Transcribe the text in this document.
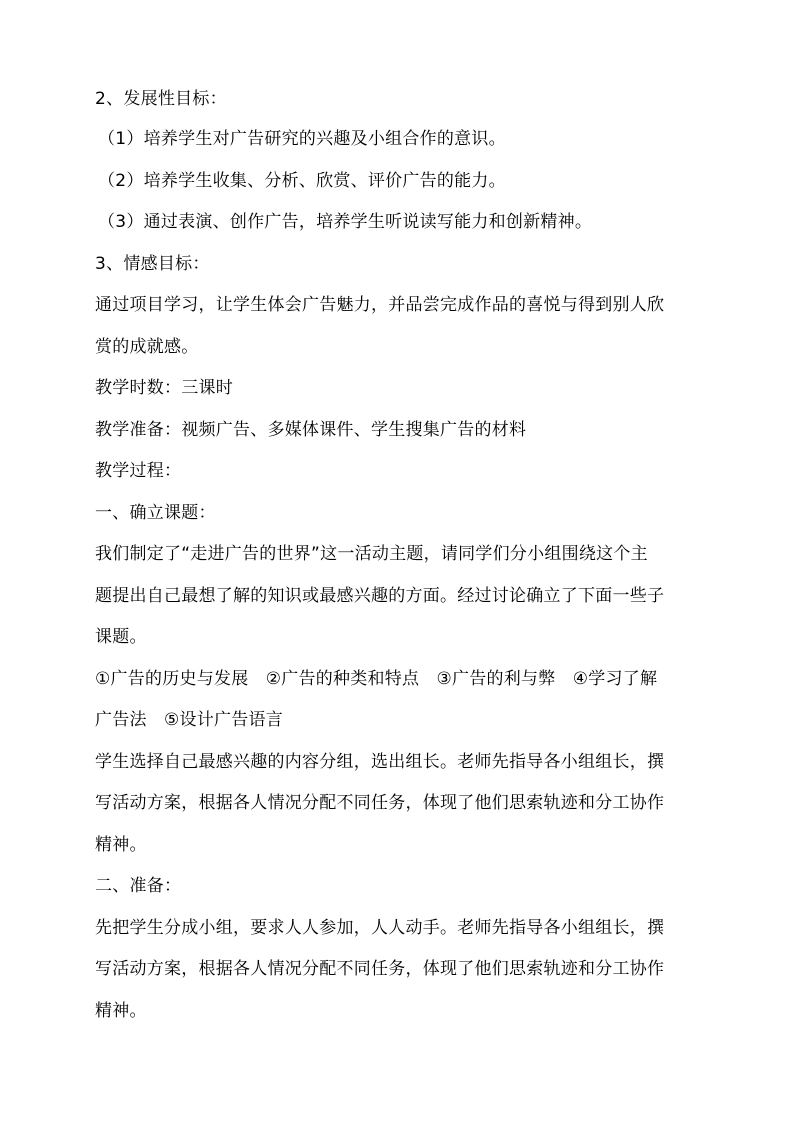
2、发展性目标：
（1）培养学生对广告研究的兴趣及小组合作的意识。
（2）培养学生收集、分析、欣赏、评价广告的能力。
（3）通过表演、创作广告，培养学生听说读写能力和创新精神。
3、情感目标：
通过项目学习，让学生体会广告魅力，并品尝完成作品的喜悦与得到别人欣
赏的成就感。
教学时数：三课时
教学准备：视频广告、多媒体课件、学生搜集广告的材料
教学过程：
一、确立课题：
我们制定了“走进广告的世界”这一活动主题，请同学们分小组围绕这个主
题提出自己最想了解的知识或最感兴趣的方面。经过讨论确立了下面一些子
课题。
①广告的历史与发展　②广告的种类和特点　③广告的利与弊　④学习了解
广告法　⑤设计广告语言
学生选择自己最感兴趣的内容分组，选出组长。老师先指导各小组组长，撰
写活动方案，根据各人情况分配不同任务，体现了他们思索轨迹和分工协作
精神。
二、准备：
先把学生分成小组，要求人人参加，人人动手。老师先指导各小组组长，撰
写活动方案，根据各人情况分配不同任务，体现了他们思索轨迹和分工协作
精神。
